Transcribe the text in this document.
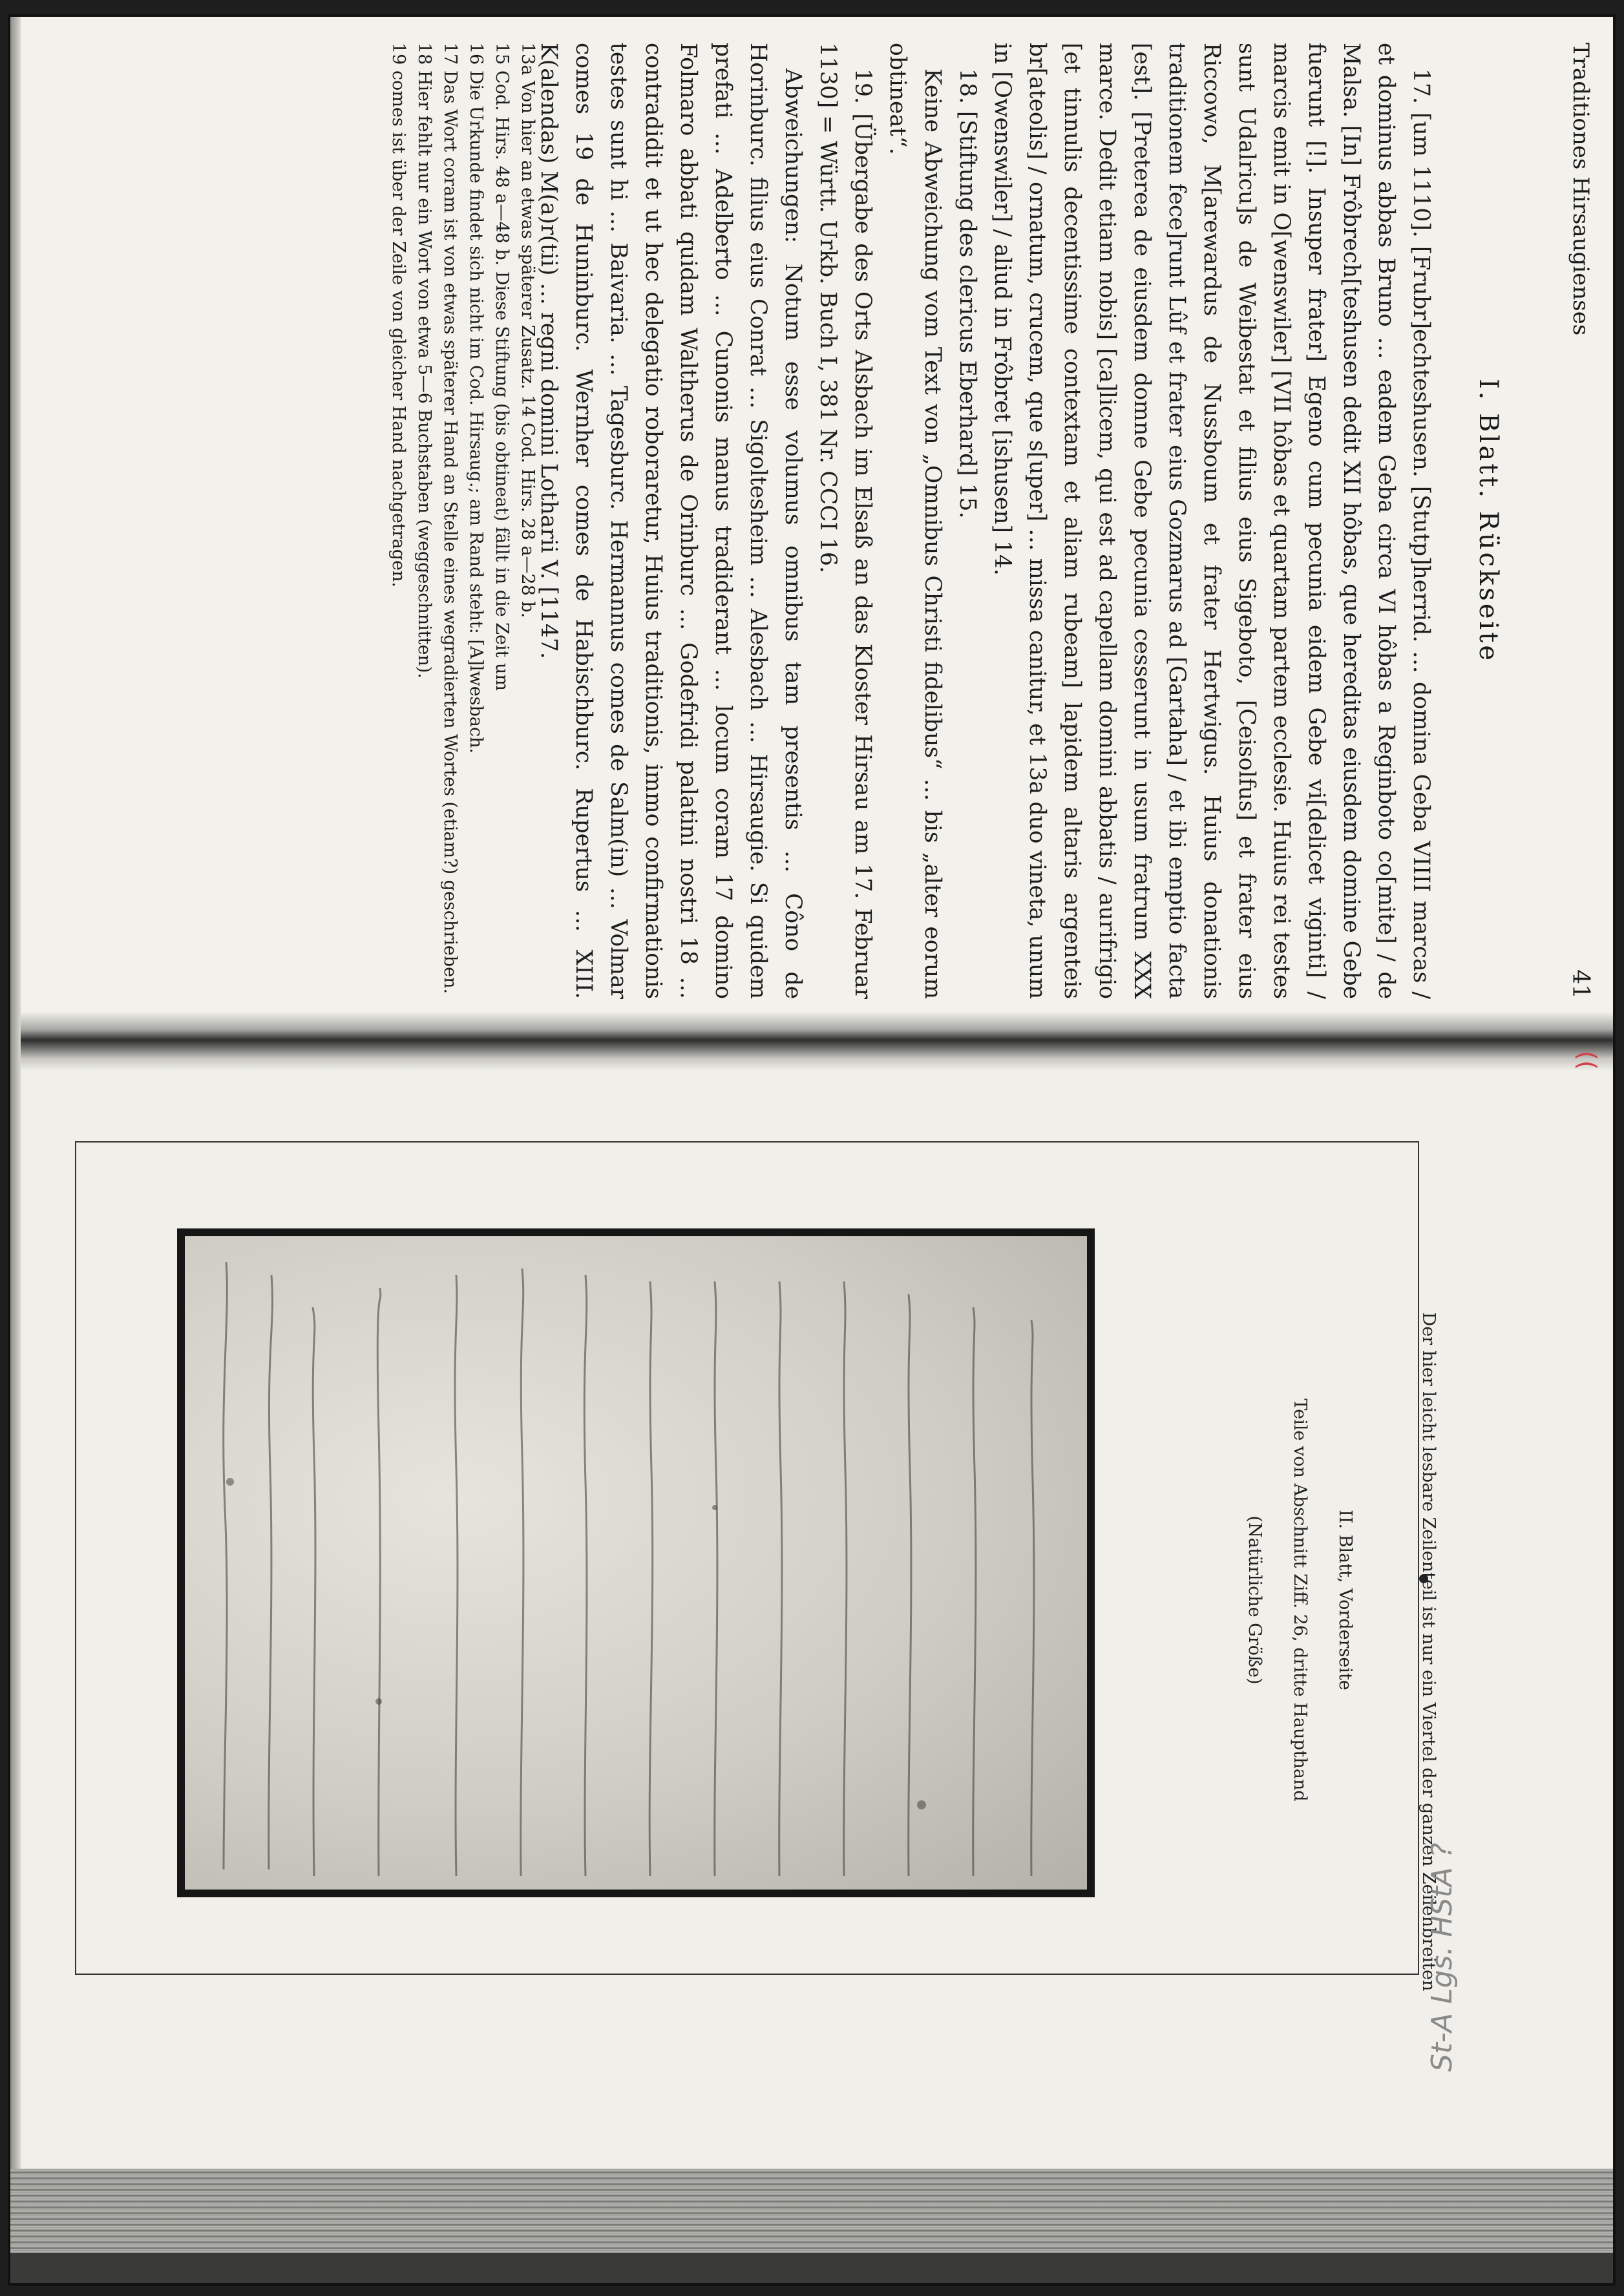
Traditiones Hirsaugienses
41
((
I. Blatt. Rückseite

17. [um 1110]. [Frubr]echteshusen. [Stutp]herrid. … domina Geba VIIII marcas / et dominus abbas Bruno … eadem Geba circa VI hôbas a Reginboto co[mite] / de Malsa. [In] Frôbrech[teshusen dedit XII hôbas, que hereditas eiusdem domine Gebe fuerunt [!]. Insuper frater] Egeno cum pecunia eidem Gebe vi[delicet viginti] / marcis emit in O[wenswiler] [VII hôbas et quartam partem ecclesie. Huius rei testes sunt Udalricu]s de Weibestat et filius eius Sigeboto, [Ceisolfus] et frater eius Riccowo, M[arewardus de Nussboum et frater Hertwigus. Huius donationis traditionem fece]runt Lûf et frater eius Gozmarus ad [Gartaha] / et ibi emptio facta [est]. [Preterea de eiusdem domne Gebe pecunia cesserunt in usum fratrum XXX marce. Dedit etiam nobis] [ca]licem, qui est ad capellam domini abbatis / aurifrigio [et tinnulis decentissime contextam et aliam rubeam] lapidem altaris argenteis br[ateolis] / ornatum, crucem, que s[uper] … missa canitur, et 13a duo vineta, unum in [Owenswiler] / aliud in Frôbret [ishusen] 14.

18. [Stiftung des clericus Eberhard] 15.

Keine Abweichung vom Text von „Omnibus Christi fidelibus“ … bis „alter eorum obtineat“.

19. [Übergabe des Orts Alsbach im Elsaß an das Kloster Hirsau am 17. Februar 1130] = Württ. Urkb. Buch I, 381 Nr. CCCI 16.

Abweichungen: Notum esse volumus omnibus tam presentis … Côno de Horinburc. filius eius Conrat … Sigoltesheim … Alesbach … Hirsaugie. Si quidem prefati … Adelberto … Cunonis manus tradiderant … locum coram 17 domino Folmaro abbati quidam Waltherus de Orinburc … Godefridi palatini nostri 18 … contradidit et ut hec delegatio roboraretur, Huius traditionis, immo confirmationis testes sunt hi … Baivaria. … Tagesburc. Hermannus comes de Salm(in) … Volmar comes 19 de Huninburc. Wernher comes de Habischburc. Rupertus … XIII. K(alendas) M(a)r(tii) … regni domini Lotharii V. [1147.

13a Von hier an etwas späterer Zusatz. 14 Cod. Hirs. 28 a—28 b.

15 Cod. Hirs. 48 a—48 b. Diese Stiftung (bis obtineat) fällt in die Zeit um

16 Die Urkunde findet sich nicht im Cod. Hirsaug.; am Rand steht: [A]lwesbach.

17 Das Wort coram ist von etwas späterer Hand an Stelle eines wegradierten Wortes (etiam?) geschrieben.

18 Hier fehlt nur ein Wort von etwa 5—6 Buchstaben (weggeschnitten).

19 comes ist über der Zeile von gleicher Hand nachgetragen.

II. Blatt, Vorderseite
Teile von Abschnitt Ziff. 26, dritte Haupthand
(Natürliche Größe)	Der hier leicht lesbare Zeilenteil ist nur ein Viertel der ganzen Zeilenbreiten
St-A Lgs. HStA ?
